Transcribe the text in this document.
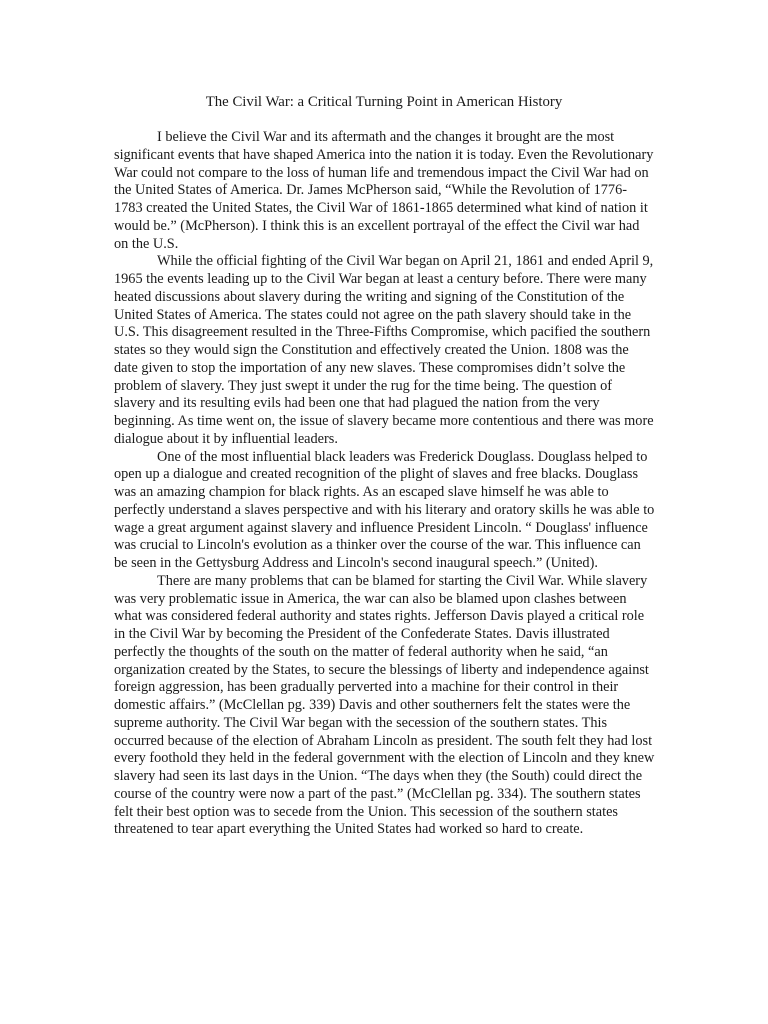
The Civil War: a Critical Turning Point in American History

I believe the Civil War and its aftermath and the changes it brought are the most significant events that have shaped America into the nation it is today. Even the Revolutionary War could not compare to the loss of human life and tremendous impact the Civil War had on the United States of America. Dr. James McPherson said, “While the Revolution of 1776-1783 created the United States, the Civil War of 1861-1865 determined what kind of nation it would be.” (McPherson). I think this is an excellent portrayal of the effect the Civil war had on the U.S.

While the official fighting of the Civil War began on April 21, 1861 and ended April 9, 1965 the events leading up to the Civil War began at least a century before. There were many heated discussions about slavery during the writing and signing of the Constitution of the United States of America. The states could not agree on the path slavery should take in the U.S. This disagreement resulted in the Three-Fifths Compromise, which pacified the southern states so they would sign the Constitution and effectively created the Union. 1808 was the date given to stop the importation of any new slaves. These compromises didn’t solve the problem of slavery. They just swept it under the rug for the time being. The question of slavery and its resulting evils had been one that had plagued the nation from the very beginning. As time went on, the issue of slavery became more contentious and there was more dialogue about it by influential leaders.

One of the most influential black leaders was Frederick Douglass. Douglass helped to open up a dialogue and created recognition of the plight of slaves and free blacks. Douglass was an amazing champion for black rights. As an escaped slave himself he was able to perfectly understand a slaves perspective and with his literary and oratory skills he was able to wage a great argument against slavery and influence President Lincoln. “ Douglass' influence was crucial to Lincoln's evolution as a thinker over the course of the war. This influence can be seen in the Gettysburg Address and Lincoln's second inaugural speech.” (United).

There are many problems that can be blamed for starting the Civil War. While slavery was very problematic issue in America, the war can also be blamed upon clashes between what was considered federal authority and states rights. Jefferson Davis played a critical role in the Civil War by becoming the President of the Confederate States. Davis illustrated perfectly the thoughts of the south on the matter of federal authority when he said, “an organization created by the States, to secure the blessings of liberty and independence against foreign aggression, has been gradually perverted into a machine for their control in their domestic affairs.” (McClellan pg. 339) Davis and other southerners felt the states were the supreme authority. The Civil War began with the secession of the southern states. This occurred because of the election of Abraham Lincoln as president. The south felt they had lost every foothold they held in the federal government with the election of Lincoln and they knew slavery had seen its last days in the Union. “The days when they (the South) could direct the course of the country were now a part of the past.” (McClellan pg. 334). The southern states felt their best option was to secede from the Union. This secession of the southern states threatened to tear apart everything the United States had worked so hard to create.
